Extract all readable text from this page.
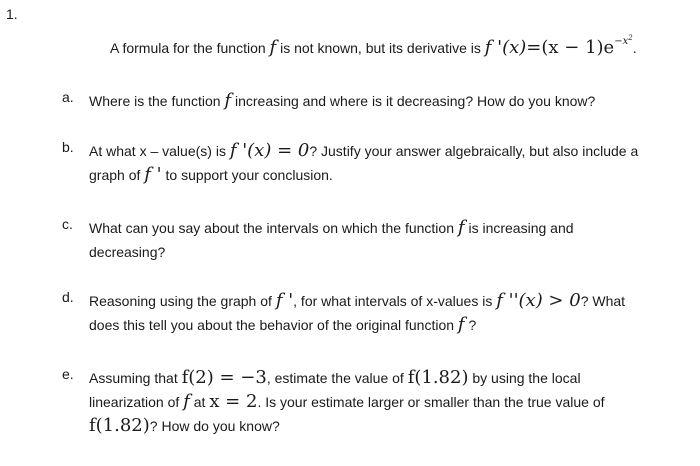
1.
A formula for the function f is not known, but its derivative is f '$(x)=(x - 1)e^{-x^2}$.
a. Where is the function f increasing and where is it decreasing? How do you know?
b. At what x – value(s) is f '(x) = 0? Justify your answer algebraically, but also include a
graph of f ' to support your conclusion.
c. What can you say about the intervals on which the function f is increasing and
decreasing?
d. Reasoning using the graph of f ', for what intervals of x-values is f ''(x) > 0? What
does this tell you about the behavior of the original function f ?
e. Assuming that f(2) = −3, estimate the value of f(1.82) by using the local
linearization of f at x = 2. Is your estimate larger or smaller than the true value of
f(1.82)? How do you know?
